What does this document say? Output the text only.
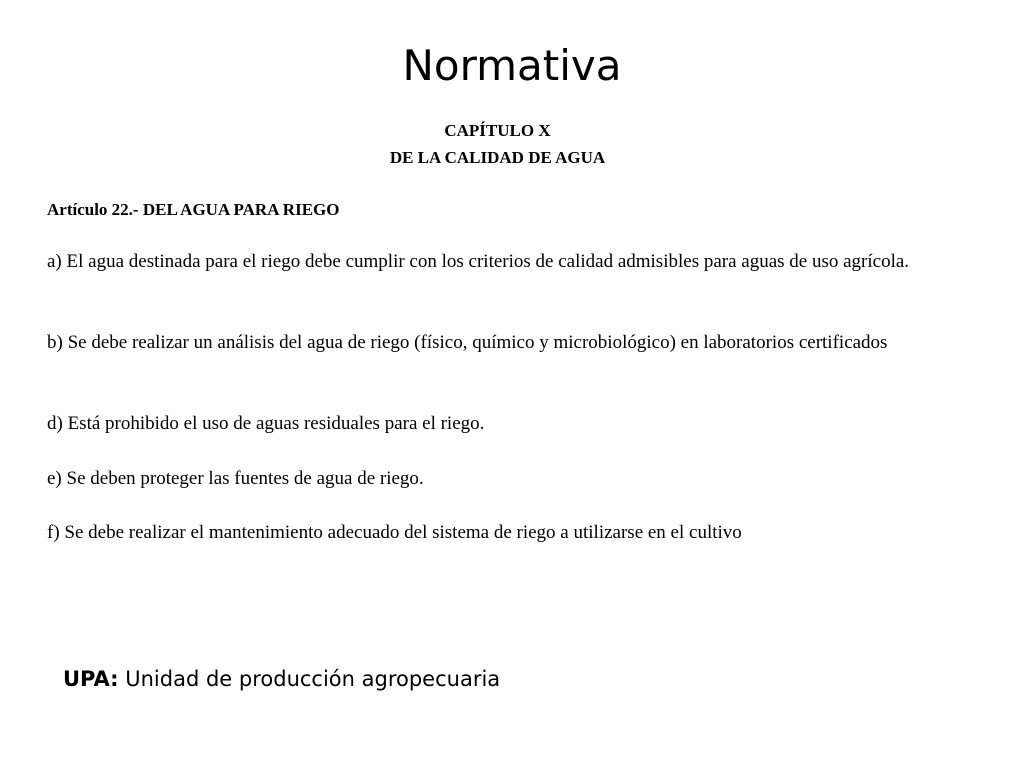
Normativa
CAPÍTULO X
DE LA CALIDAD DE AGUA
Artículo 22.- DEL AGUA PARA RIEGO
a) El agua destinada para el riego debe cumplir con los criterios de calidad admisibles para aguas de uso agrícola.
b) Se debe realizar un análisis del agua de riego (físico, químico y microbiológico) en laboratorios certificados
d) Está prohibido el uso de aguas residuales para el riego.
e) Se deben proteger las fuentes de agua de riego.
f) Se debe realizar el mantenimiento adecuado del sistema de riego a utilizarse en el cultivo
UPA: Unidad de producción agropecuaria
